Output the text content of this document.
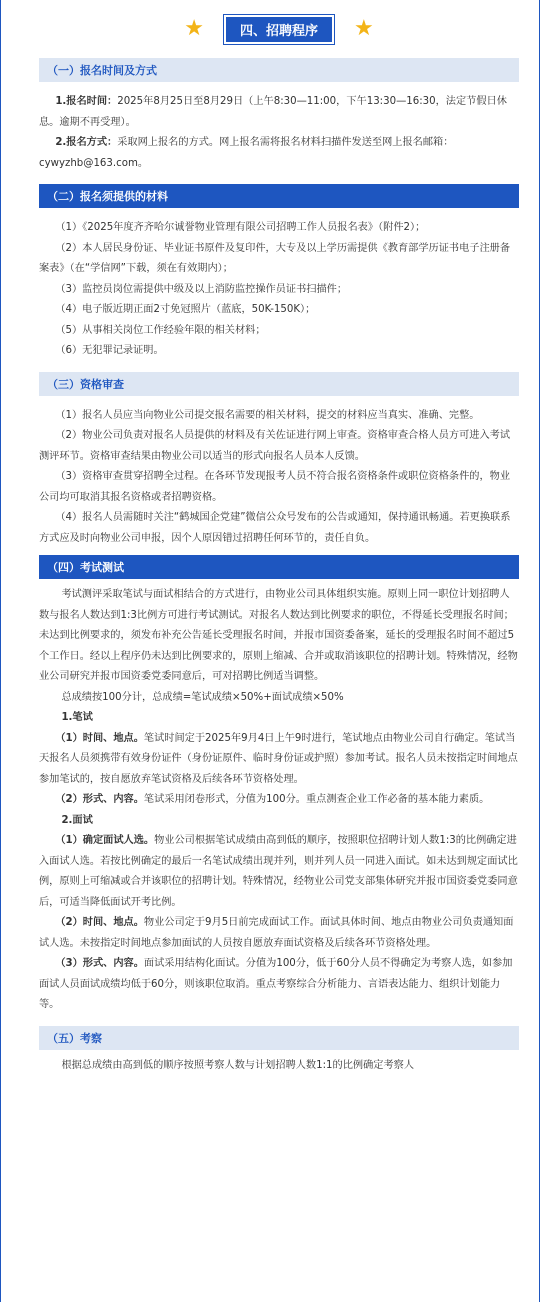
★	四、招聘程序	★
（一）报名时间及方式

1.报名时间：2025年8月25日至8月29日（上午8:30—11:00，下午13:30—16:30，法定节假日休息。逾期不再受理）。

2.报名方式：采取网上报名的方式。网上报名需将报名材料扫描件发送至网上报名邮箱：cywyzhb@163.com。

（二）报名须提供的材料

（1）《2025年度齐齐哈尔诚誉物业管理有限公司招聘工作人员报名表》（附件2）；

（2）本人居民身份证、毕业证书原件及复印件，大专及以上学历需提供《教育部学历证书电子注册备案表》（在“学信网”下载，须在有效期内）；

（3）监控员岗位需提供中级及以上消防监控操作员证书扫描件；

（4）电子版近期正面2寸免冠照片（蓝底，50K-150K）；

（5）从事相关岗位工作经验年限的相关材料；

（6）无犯罪记录证明。

（三）资格审查

（1）报名人员应当向物业公司提交报名需要的相关材料，提交的材料应当真实、准确、完整。

（2）物业公司负责对报名人员提供的材料及有关佐证进行网上审查。资格审查合格人员方可进入考试测评环节。资格审查结果由物业公司以适当的形式向报名人员本人反馈。

（3）资格审查贯穿招聘全过程。在各环节发现报考人员不符合报名资格条件或职位资格条件的，物业公司均可取消其报名资格或者招聘资格。

（4）报名人员需随时关注“鹤城国企党建”微信公众号发布的公告或通知，保持通讯畅通。若更换联系方式应及时向物业公司申报，因个人原因错过招聘任何环节的，责任自负。

（四）考试测试

考试测评采取笔试与面试相结合的方式进行，由物业公司具体组织实施。原则上同一职位计划招聘人数与报名人数达到1:3比例方可进行考试测试。对报名人数达到比例要求的职位，不得延长受理报名时间；未达到比例要求的，须发布补充公告延长受理报名时间，并报市国资委备案，延长的受理报名时间不超过5个工作日。经以上程序仍未达到比例要求的，原则上缩减、合并或取消该职位的招聘计划。特殊情况，经物业公司研究并报市国资委党委同意后，可对招聘比例适当调整。

总成绩按100分计，总成绩=笔试成绩×50%+面试成绩×50%

1.笔试

（1）时间、地点。笔试时间定于2025年9月4日上午9时进行，笔试地点由物业公司自行确定。笔试当天报名人员须携带有效身份证件（身份证原件、临时身份证或护照）参加考试。报名人员未按指定时间地点参加笔试的，按自愿放弃笔试资格及后续各环节资格处理。

（2）形式、内容。笔试采用闭卷形式，分值为100分。重点测查企业工作必备的基本能力素质。

2.面试

（1）确定面试人选。物业公司根据笔试成绩由高到低的顺序，按照职位招聘计划人数1:3的比例确定进入面试人选。若按比例确定的最后一名笔试成绩出现并列，则并列人员一同进入面试。如未达到规定面试比例，原则上可缩减或合并该职位的招聘计划。特殊情况，经物业公司党支部集体研究并报市国资委党委同意后，可适当降低面试开考比例。

（2）时间、地点。物业公司定于9月5日前完成面试工作。面试具体时间、地点由物业公司负责通知面试人选。未按指定时间地点参加面试的人员按自愿放弃面试资格及后续各环节资格处理。

（3）形式、内容。面试采用结构化面试。分值为100分，低于60分人员不得确定为考察人选，如参加面试人员面试成绩均低于60分，则该职位取消。重点考察综合分析能力、言语表达能力、组织计划能力等。

（五）考察

根据总成绩由高到低的顺序按照考察人数与计划招聘人数1:1的比例确定考察人
